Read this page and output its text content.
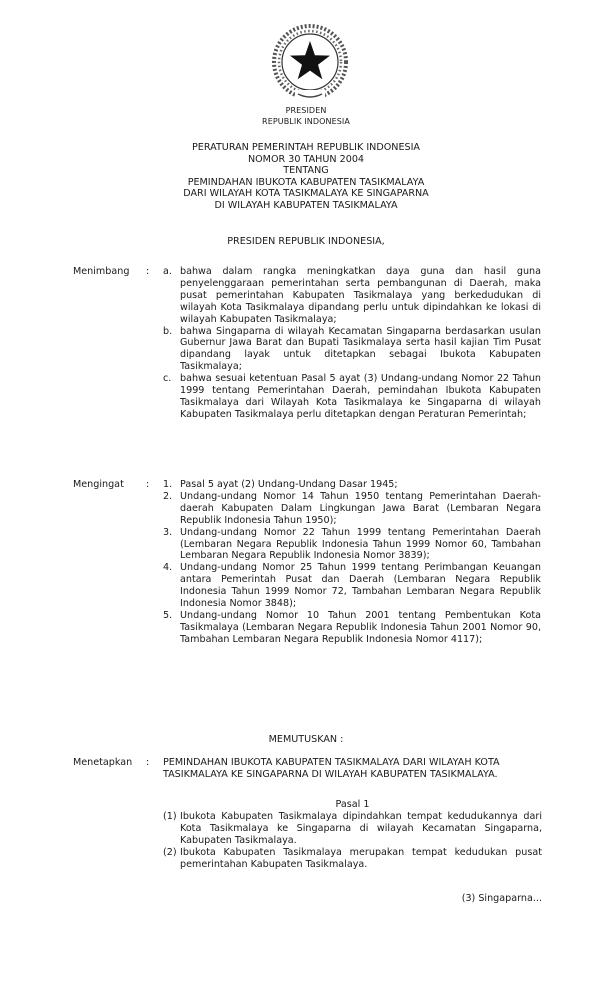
PRESIDEN
REPUBLIK INDONESIA
PERATURAN PEMERINTAH REPUBLIK INDONESIA
NOMOR 30 TAHUN 2004
TENTANG
PEMINDAHAN IBUKOTA KABUPATEN TASIKMALAYA
DARI WILAYAH KOTA TASIKMALAYA KE SINGAPARNA
DI WILAYAH KABUPATEN TASIKMALAYA
PRESIDEN REPUBLIK INDONESIA,
Menimbang : a. bahwa dalam rangka meningkatkan daya guna dan hasil guna penyelenggaraan pemerintahan serta pembangunan di Daerah, maka pusat pemerintahan Kabupaten Tasikmalaya yang berkedudukan di wilayah Kota Tasikmalaya dipandang perlu untuk dipindahkan ke lokasi di wilayah Kabupaten Tasikmalaya;
b. bahwa Singaparna di wilayah Kecamatan Singaparna berdasarkan usulan Gubernur Jawa Barat dan Bupati Tasikmalaya serta hasil kajian Tim Pusat dipandang layak untuk ditetapkan sebagai Ibukota Kabupaten Tasikmalaya;
c. bahwa sesuai ketentuan Pasal 5 ayat (3) Undang-undang Nomor 22 Tahun 1999 tentang Pemerintahan Daerah, pemindahan Ibukota Kabupaten Tasikmalaya dari Wilayah Kota Tasikmalaya ke Singaparna di wilayah Kabupaten Tasikmalaya perlu ditetapkan dengan Peraturan Pemerintah;
Mengingat : 1. Pasal 5 ayat (2) Undang-Undang Dasar 1945;
2. Undang-undang Nomor 14 Tahun 1950 tentang Pemerintahan Daerah-daerah Kabupaten Dalam Lingkungan Jawa Barat (Lembaran Negara Republik Indonesia Tahun 1950);
3. Undang-undang Nomor 22 Tahun 1999 tentang Pemerintahan Daerah (Lembaran Negara Republik Indonesia Tahun 1999 Nomor 60, Tambahan Lembaran Negara Republik Indonesia Nomor 3839);
4. Undang-undang Nomor 25 Tahun 1999 tentang Perimbangan Keuangan antara Pemerintah Pusat dan Daerah (Lembaran Negara Republik Indonesia Tahun 1999 Nomor 72, Tambahan Lembaran Negara Republik Indonesia Nomor 3848);
5. Undang-undang Nomor 10 Tahun 2001 tentang Pembentukan Kota Tasikmalaya (Lembaran Negara Republik Indonesia Tahun 2001 Nomor 90, Tambahan Lembaran Negara Republik Indonesia Nomor 4117);
MEMUTUSKAN :
Menetapkan : PEMINDAHAN IBUKOTA KABUPATEN TASIKMALAYA DARI WILAYAH KOTA TASIKMALAYA KE SINGAPARNA DI WILAYAH KABUPATEN TASIKMALAYA.
Pasal 1
(1) Ibukota Kabupaten Tasikmalaya dipindahkan tempat kedudukannya dari Kota Tasikmalaya ke Singaparna di wilayah Kecamatan Singaparna, Kabupaten Tasikmalaya.
(2) Ibukota Kabupaten Tasikmalaya merupakan tempat kedudukan pusat pemerintahan Kabupaten Tasikmalaya.
(3) Singaparna...
